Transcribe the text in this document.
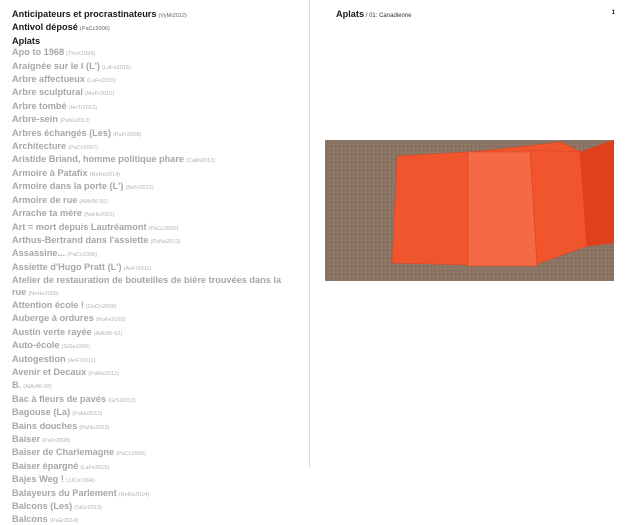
Anticipateurs et procrastinateurs (VyMi2012)
Antivol déposé (PaCc2006)
Aplats
Apo to 1968 (ThvX1999)
Araignée sur le I (L') (LaFe2015)
Arbre affectueux (LaFe2015)
Arbre sculptural (MeFr2010)
Arbre tombé (HoTr2013)
Arbre-sein (PaNu2013)
Arbres échangés (Les) (PaFr2008)
Architecture (PaCc2007)
Aristide Briand, homme politique phare (CaMi2013)
Armoire à Patafix (ReRe2014)
Armoire dans la porte (L') (BeFr2012)
Armoire de rue (AlAr86-92)
Arrache ta mère (NaHe2001)
Art = mort depuis Lautréamont (PaCc2000)
Arthus-Bertrand dans l'assiette (PaNa2013)
Assassine... (PaCc2006)
Assiette d'Hugo Pratt (L') (AnFr2011)
Atelier de restauration de bouteilles de bière trouvées dans la rue (NeHe2009)
Attention école ! (DaCh2009)
Auberge à ordures (NoFe2010)
Austin verte rayée (AlAr86-92)
Auto-école (SiGa1996)
Autogestion (AnFr2011)
Avenir et Decaux (PaMa2012)
B. (AlAr86-92)
Bac à fleurs de pavés (GrSt2013)
Bagouse (La) (PaNu2013)
Bains douches (PaNu2013)
Baiser (PaFr2008)
Baiser de Charlemagne (PaCc2006)
Baiser épargné (LaFe2015)
Bajes Weg ! (JJCe1994)
Balayeurs du Parlement (ReRe2014)
Balcons (Les) (StGr2013)
Balcons (PaEr2014)
Aplats / 01: Canadienne	1
